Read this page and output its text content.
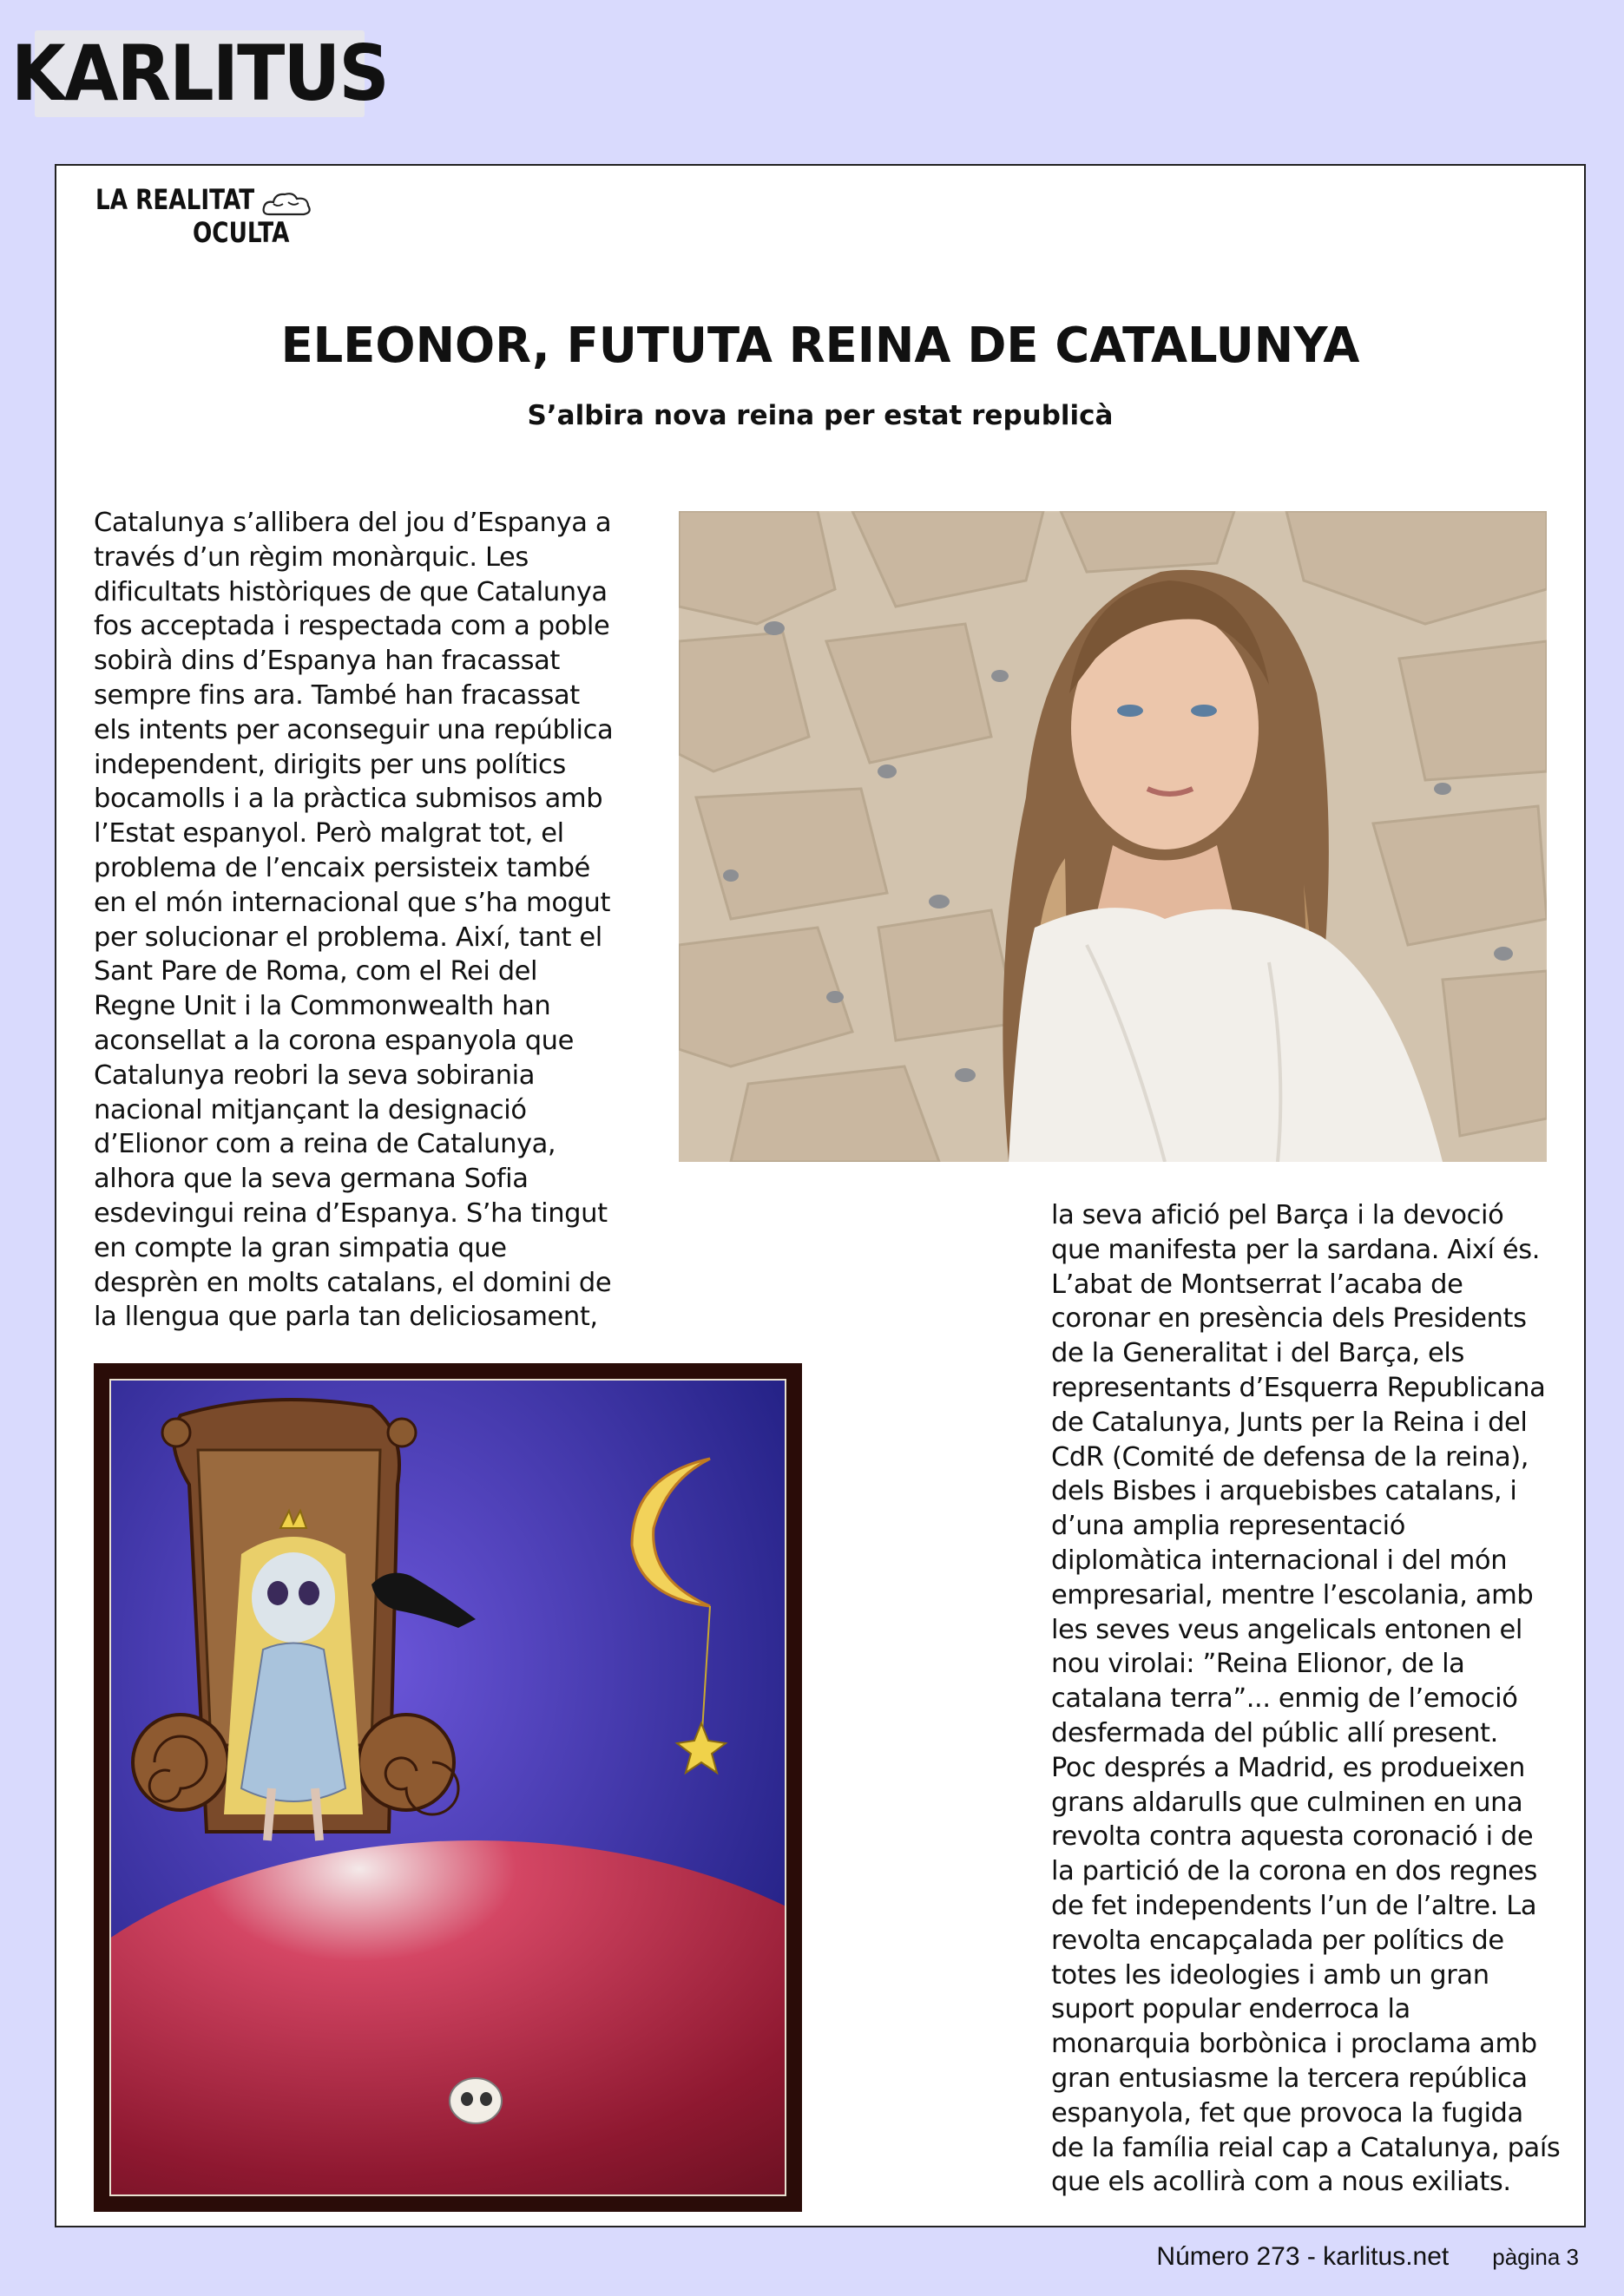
KARLITUS
LA REALITAT
OCULTA
ELEONOR, FUTUTA REINA DE CATALUNYA

S’albira nova reina per estat republicà

Catalunya s’allibera del jou d’Espanya a
través d’un règim monàrquic. Les
dificultats històriques de que Catalunya
fos acceptada i respectada com a poble
sobirà dins d’Espanya han fracassat
sempre fins ara. També han fracassat
els intents per aconseguir una república
independent, dirigits per uns polítics
bocamolls i a la pràctica submisos amb
l’Estat espanyol. Però malgrat tot, el
problema de l’encaix persisteix també
en el món internacional que s’ha mogut
per solucionar el problema. Així, tant el
Sant Pare de Roma, com el Rei del
Regne Unit i la Commonwealth han
aconsellat a la corona espanyola que
Catalunya reobri la seva sobirania
nacional mitjançant la designació
d’Elionor com a reina de Catalunya,
alhora que la seva germana Sofia
esdevingui reina d’Espanya. S’ha tingut
en compte la gran simpatia que
desprèn en molts catalans, el domini de
la llengua que parla tan deliciosament,
la seva afició pel Barça i la devoció
que manifesta per la sardana. Així és.
L’abat de Montserrat l’acaba de
coronar en presència dels Presidents
de la Generalitat i del Barça, els
representants d’Esquerra Republicana
de Catalunya, Junts per la Reina i del
CdR (Comité de defensa de la reina),
dels Bisbes i arquebisbes catalans, i
d’una amplia representació
diplomàtica internacional i del món
empresarial, mentre l’escolania, amb
les seves veus angelicals entonen el
nou virolai: ”Reina Elionor, de la
catalana terra”... enmig de l’emoció
desfermada del públic allí present.
Poc després a Madrid, es produeixen
grans aldarulls que culminen en una
revolta contra aquesta coronació i de
la partició de la corona en dos regnes
de fet independents l’un de l’altre. La
revolta encapçalada per polítics de
totes les ideologies i amb un gran
suport popular enderroca la
monarquia borbònica i proclama amb
gran entusiasme la tercera república
espanyola, fet que provoca la fugida
de la família reial cap a Catalunya, país
que els acollirà com a nous exiliats.
Número 273 - karlitus.net pàgina 3
